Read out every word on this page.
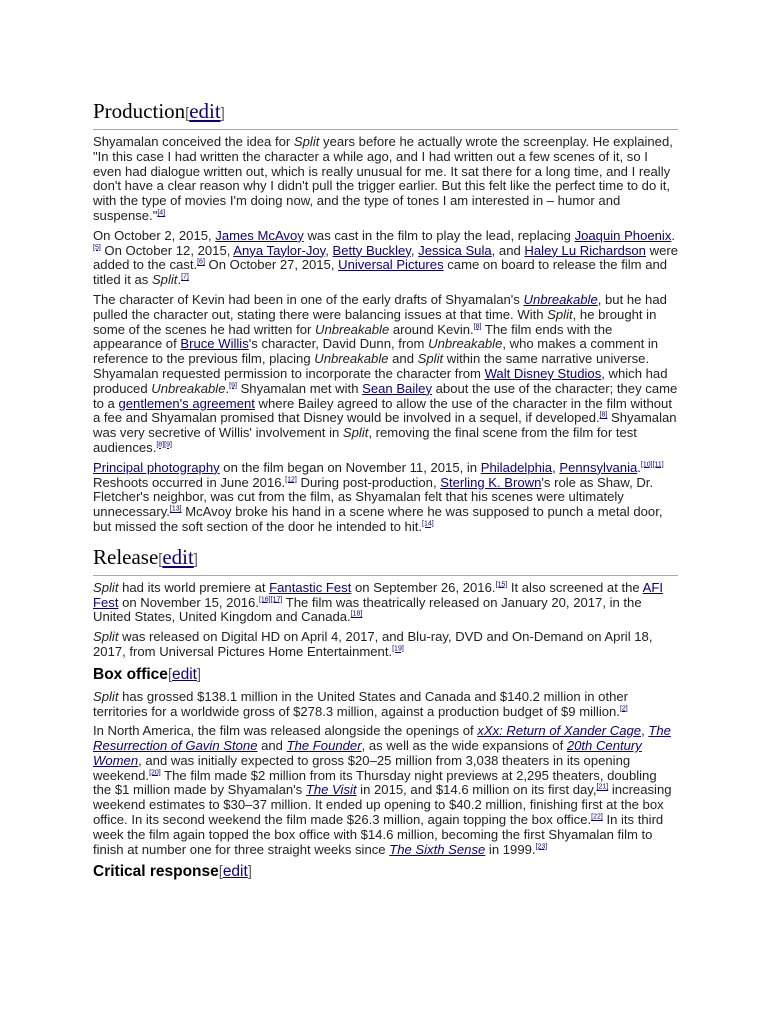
Production[edit]

Shyamalan conceived the idea for Split years before he actually wrote the screenplay. He explained, "In this case I had written the character a while ago, and I had written out a few scenes of it, so I even had dialogue written out, which is really unusual for me. It sat there for a long time, and I really don't have a clear reason why I didn't pull the trigger earlier. But this felt like the perfect time to do it, with the type of movies I'm doing now, and the type of tones I am interested in – humor and suspense."[4]

On October 2, 2015, James McAvoy was cast in the film to play the lead, replacing Joaquin Phoenix.[5] On October 12, 2015, Anya Taylor-Joy, Betty Buckley, Jessica Sula, and Haley Lu Richardson were added to the cast.[6] On October 27, 2015, Universal Pictures came on board to release the film and titled it as Split.[7]

The character of Kevin had been in one of the early drafts of Shyamalan's Unbreakable, but he had pulled the character out, stating there were balancing issues at that time. With Split, he brought in some of the scenes he had written for Unbreakable around Kevin.[8] The film ends with the appearance of Bruce Willis's character, David Dunn, from Unbreakable, who makes a comment in reference to the previous film, placing Unbreakable and Split within the same narrative universe. Shyamalan requested permission to incorporate the character from Walt Disney Studios, which had produced Unbreakable.[9] Shyamalan met with Sean Bailey about the use of the character; they came to a gentlemen's agreement where Bailey agreed to allow the use of the character in the film without a fee and Shyamalan promised that Disney would be involved in a sequel, if developed.[8] Shyamalan was very secretive of Willis' involvement in Split, removing the final scene from the film for test audiences.[8][9]

Principal photography on the film began on November 11, 2015, in Philadelphia, Pennsylvania.[10][11] Reshoots occurred in June 2016.[12] During post-production, Sterling K. Brown's role as Shaw, Dr. Fletcher's neighbor, was cut from the film, as Shyamalan felt that his scenes were ultimately unnecessary.[13] McAvoy broke his hand in a scene where he was supposed to punch a metal door, but missed the soft section of the door he intended to hit.[14]

Release[edit]

Split had its world premiere at Fantastic Fest on September 26, 2016.[15] It also screened at the AFI Fest on November 15, 2016.[16][17] The film was theatrically released on January 20, 2017, in the United States, United Kingdom and Canada.[18]

Split was released on Digital HD on April 4, 2017, and Blu-ray, DVD and On-Demand on April 18, 2017, from Universal Pictures Home Entertainment.[19]

Box office[edit]

Split has grossed $138.1 million in the United States and Canada and $140.2 million in other territories for a worldwide gross of $278.3 million, against a production budget of $9 million.[2]

In North America, the film was released alongside the openings of xXx: Return of Xander Cage, The Resurrection of Gavin Stone and The Founder, as well as the wide expansions of 20th Century Women, and was initially expected to gross $20–25 million from 3,038 theaters in its opening weekend.[20] The film made $2 million from its Thursday night previews at 2,295 theaters, doubling the $1 million made by Shyamalan's The Visit in 2015, and $14.6 million on its first day,[21] increasing weekend estimates to $30–37 million. It ended up opening to $40.2 million, finishing first at the box office. In its second weekend the film made $26.3 million, again topping the box office.[22] In its third week the film again topped the box office with $14.6 million, becoming the first Shyamalan film to finish at number one for three straight weeks since The Sixth Sense in 1999.[23]

Critical response[edit]
